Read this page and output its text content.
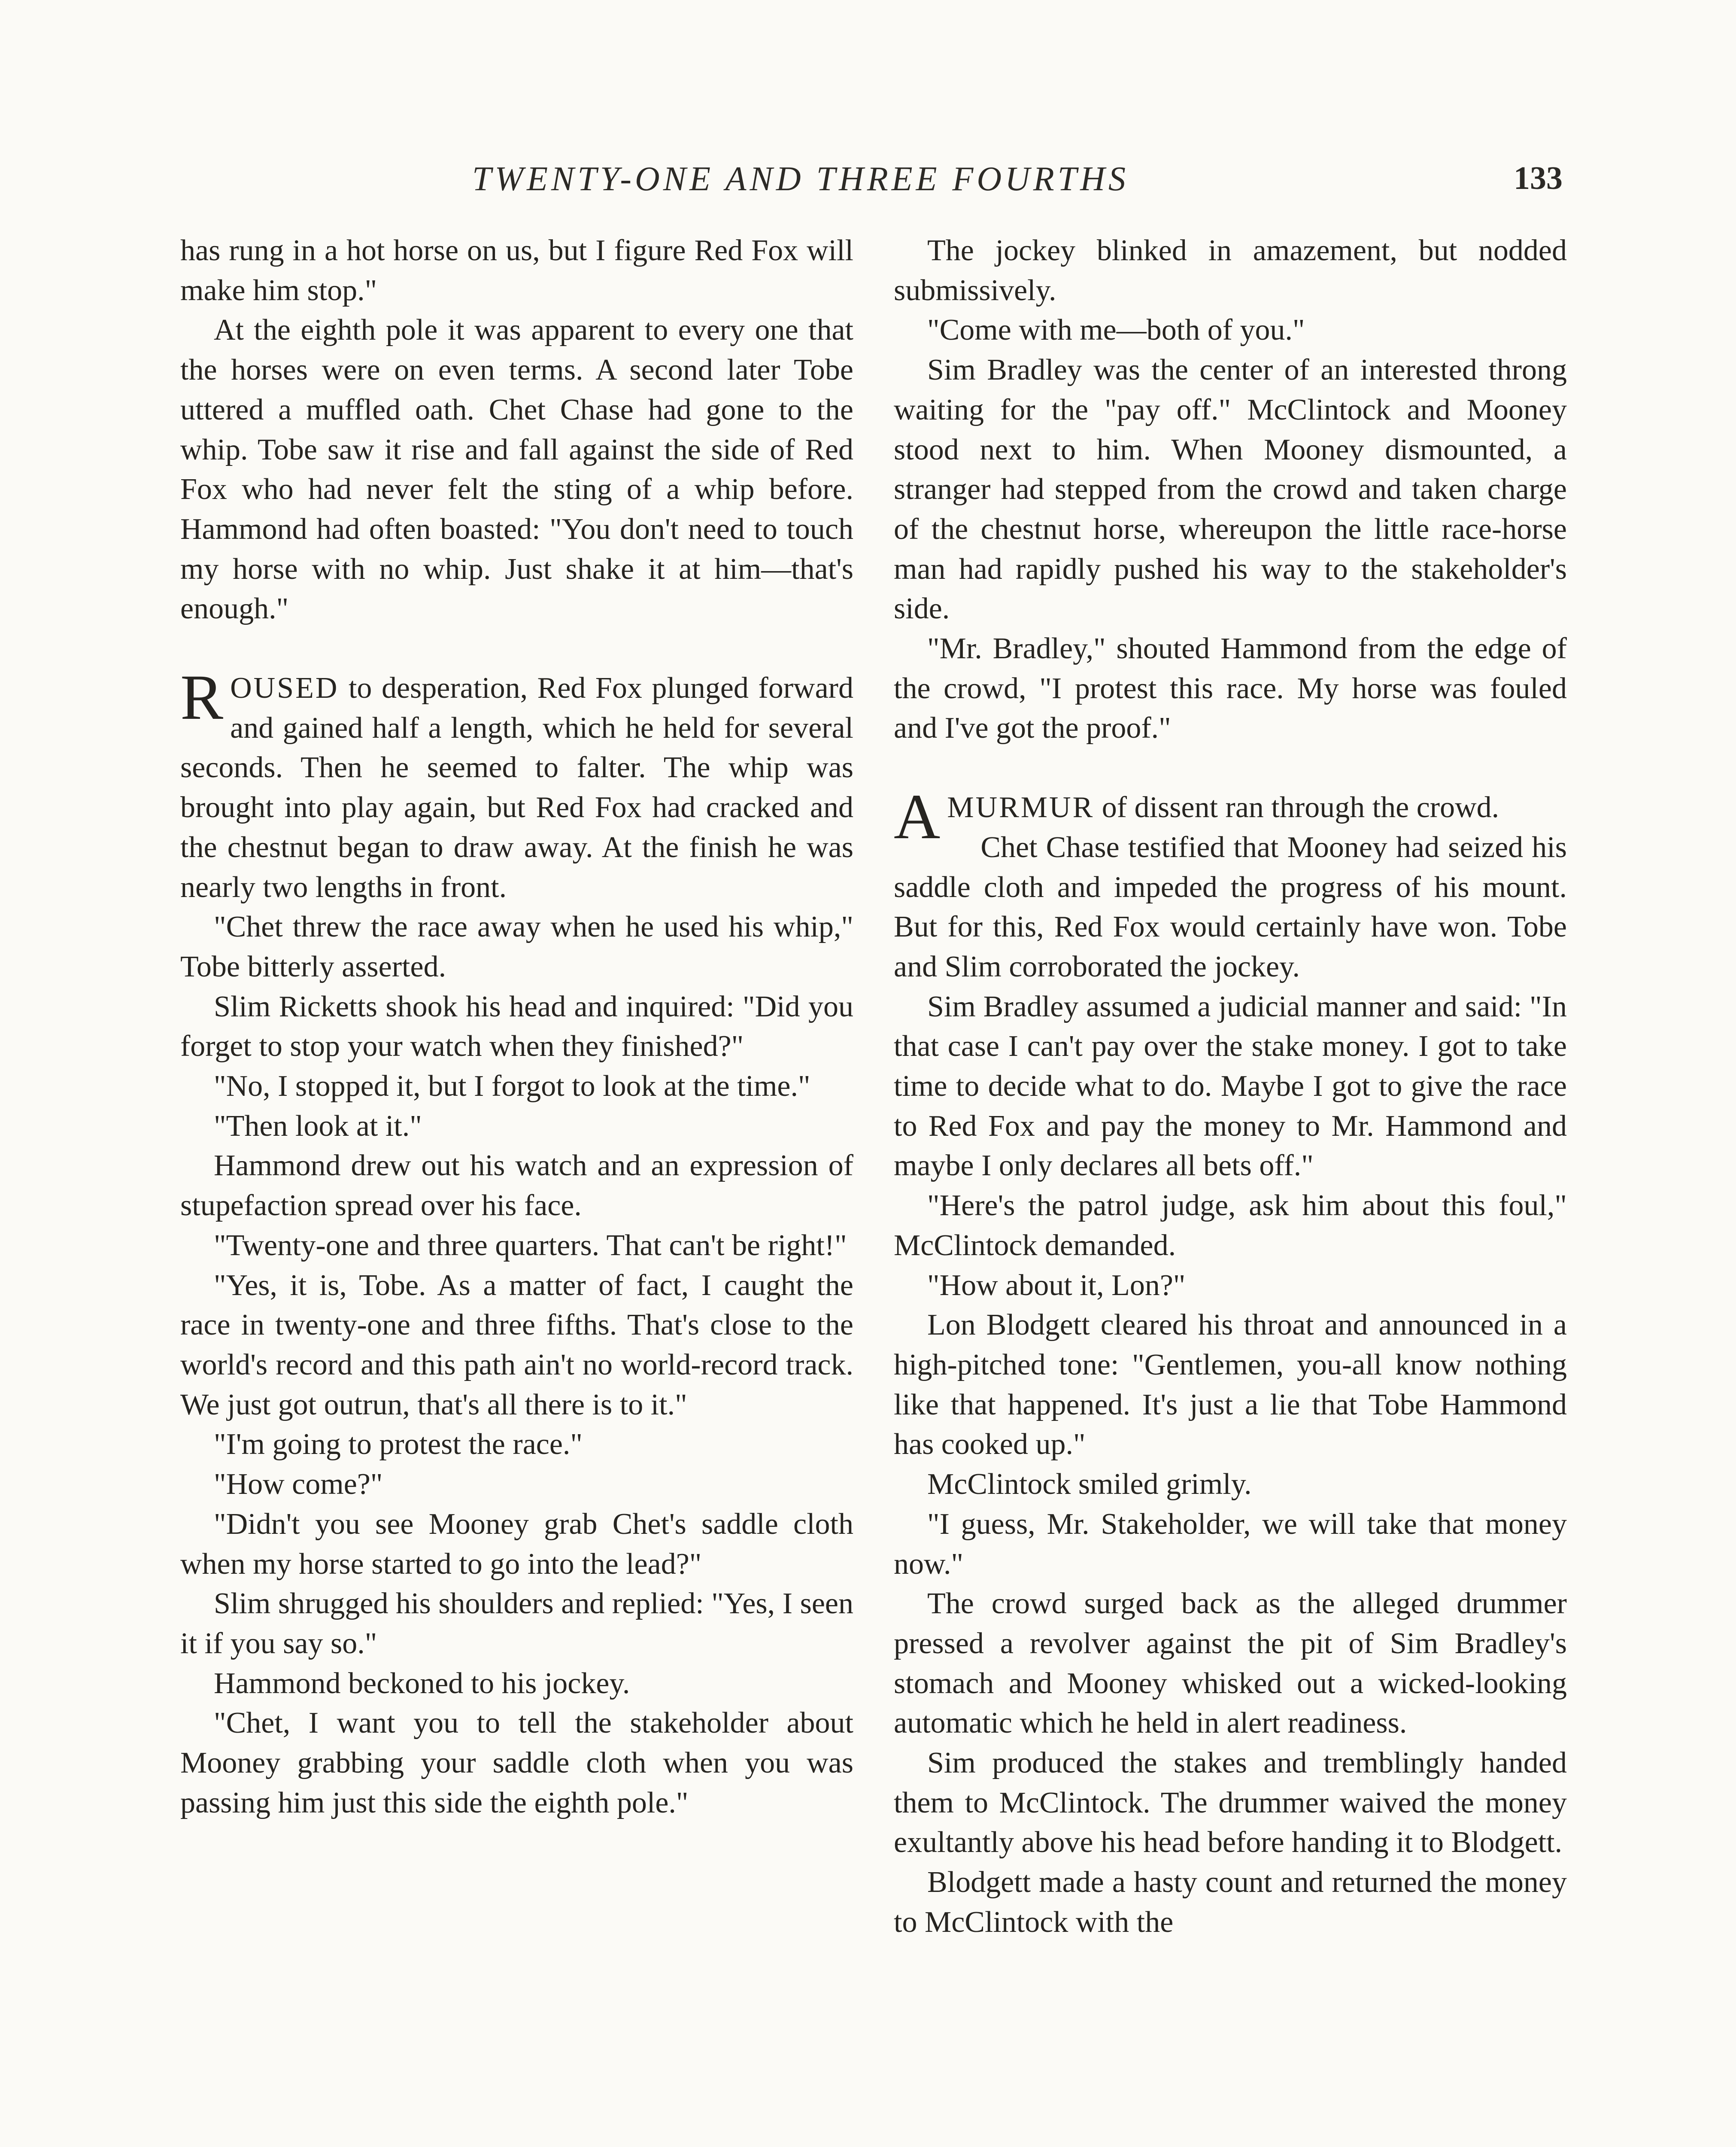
TWENTY-ONE AND THREE FOURTHS	133

has rung in a hot horse on us, but I figure Red Fox will make him stop."

At the eighth pole it was apparent to every one that the horses were on even terms. A second later Tobe uttered a muffled oath. Chet Chase had gone to the whip. Tobe saw it rise and fall against the side of Red Fox who had never felt the sting of a whip before. Hammond had often boasted: "You don't need to touch my horse with no whip. Just shake it at him—that's enough."

ROUSED to desperation, Red Fox plunged forward and gained half a length, which he held for several seconds. Then he seemed to falter. The whip was brought into play again, but Red Fox had cracked and the chestnut began to draw away. At the finish he was nearly two lengths in front.

"Chet threw the race away when he used his whip," Tobe bitterly asserted.

Slim Ricketts shook his head and inquired: "Did you forget to stop your watch when they finished?"

"No, I stopped it, but I forgot to look at the time."

"Then look at it."

Hammond drew out his watch and an expression of stupefaction spread over his face.

"Twenty-one and three quarters. That can't be right!"

"Yes, it is, Tobe. As a matter of fact, I caught the race in twenty-one and three fifths. That's close to the world's record and this path ain't no world-record track. We just got outrun, that's all there is to it."

"I'm going to protest the race."

"How come?"

"Didn't you see Mooney grab Chet's saddle cloth when my horse started to go into the lead?"

Slim shrugged his shoulders and replied: "Yes, I seen it if you say so."

Hammond beckoned to his jockey.

"Chet, I want you to tell the stakeholder about Mooney grabbing your saddle cloth when you was passing him just this side the eighth pole."

The jockey blinked in amazement, but nodded submissively.

"Come with me—both of you."

Sim Bradley was the center of an interested throng waiting for the "pay off." McClintock and Mooney stood next to him. When Mooney dismounted, a stranger had stepped from the crowd and taken charge of the chestnut horse, whereupon the little race-horse man had rapidly pushed his way to the stakeholder's side.

"Mr. Bradley," shouted Hammond from the edge of the crowd, "I protest this race. My horse was fouled and I've got the proof."

AMURMUR of dissent ran through the crowd.

Chet Chase testified that Mooney had seized his saddle cloth and impeded the progress of his mount. But for this, Red Fox would certainly have won. Tobe and Slim corroborated the jockey.

Sim Bradley assumed a judicial manner and said: "In that case I can't pay over the stake money. I got to take time to decide what to do. Maybe I got to give the race to Red Fox and pay the money to Mr. Hammond and maybe I only declares all bets off."

"Here's the patrol judge, ask him about this foul," McClintock demanded.

"How about it, Lon?"

Lon Blodgett cleared his throat and announced in a high-pitched tone: "Gentlemen, you-all know nothing like that happened. It's just a lie that Tobe Hammond has cooked up."

McClintock smiled grimly.

"I guess, Mr. Stakeholder, we will take that money now."

The crowd surged back as the alleged drummer pressed a revolver against the pit of Sim Bradley's stomach and Mooney whisked out a wicked-looking automatic which he held in alert readiness.

Sim produced the stakes and tremblingly handed them to McClintock. The drummer waived the money exultantly above his head before handing it to Blodgett.

Blodgett made a hasty count and returned the money to McClintock with the
